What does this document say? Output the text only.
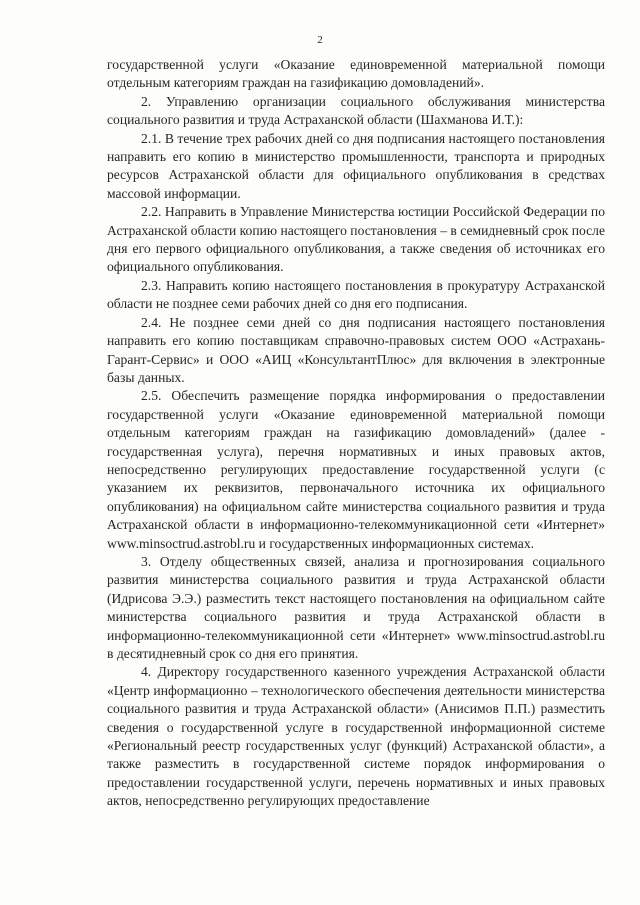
2

государственной услуги «Оказание единовременной материальной помощи отдельным категориям граждан на газификацию домовладений».

2. Управлению организации социального обслуживания министерства социального развития и труда Астраханской области (Шахманова И.Т.):

2.1. В течение трех рабочих дней со дня подписания настоящего постановления направить его копию в министерство промышленности, транспорта и природных ресурсов Астраханской области для официального опубликования в средствах массовой информации.

2.2. Направить в Управление Министерства юстиции Российской Федерации по Астраханской области копию настоящего постановления – в семидневный срок после дня его первого официального опубликования, а также сведения об источниках его официального опубликования.

2.3. Направить копию настоящего постановления в прокуратуру Астраханской области не позднее семи рабочих дней со дня его подписания.

2.4. Не позднее семи дней со дня подписания настоящего постановления направить его копию поставщикам справочно-правовых систем ООО «Астрахань-Гарант-Сервис» и ООО «АИЦ «КонсультантПлюс» для включения в электронные базы данных.

2.5. Обеспечить размещение порядка информирования о предоставлении государственной услуги «Оказание единовременной материальной помощи отдельным категориям граждан на газификацию домовладений» (далее - государственная услуга), перечня нормативных и иных правовых актов, непосредственно регулирующих предоставление государственной услуги (с указанием их реквизитов, первоначального источника их официального опубликования) на официальном сайте министерства социального развития и труда Астраханской области в информационно-телекоммуникационной сети «Интернет» www.minsoctrud.astrobl.ru и государственных информационных системах.

3. Отделу общественных связей, анализа и прогнозирования социального развития министерства социального развития и труда Астраханской области (Идрисова Э.Э.) разместить текст настоящего постановления на официальном сайте министерства социального развития и труда Астраханской области в информационно-телекоммуникационной сети «Интернет» www.minsoctrud.astrobl.ru в десятидневный срок со дня его принятия.

4. Директору государственного казенного учреждения Астраханской области «Центр информационно – технологического обеспечения деятельности министерства социального развития и труда Астраханской области» (Анисимов П.П.) разместить сведения о государственной услуге в государственной информационной системе «Региональный реестр государственных услуг (функций) Астраханской области», а также разместить в государственной системе порядок информирования о предоставлении государственной услуги, перечень нормативных и иных правовых актов, непосредственно регулирующих предоставление
